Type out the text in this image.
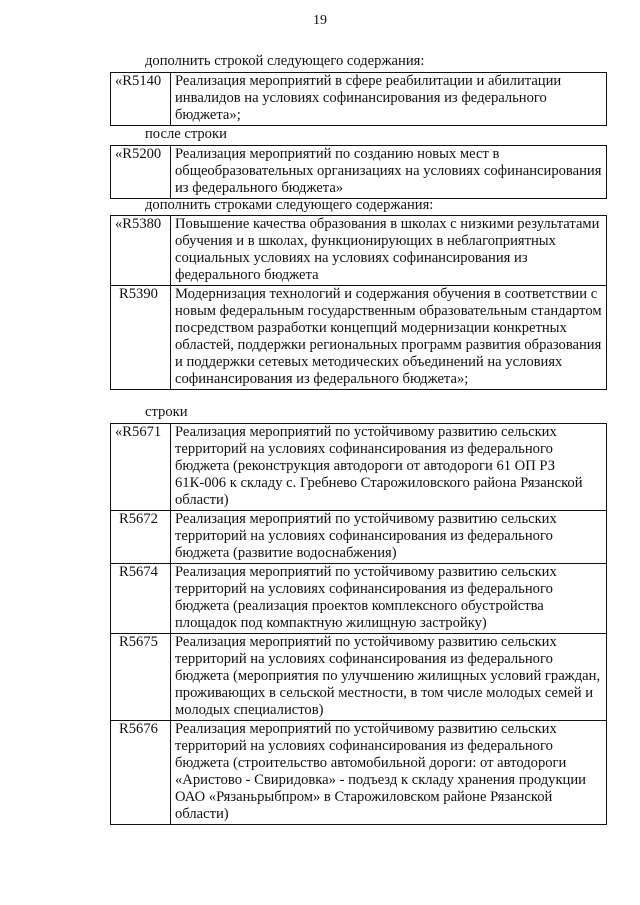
19
дополнить строкой следующего содержания:
«R5140	Реализация мероприятий в сфере реабилитации и абилитации инвалидов на условиях софинансирования из федерального бюджета»;
после строки
«R5200	Реализация мероприятий по созданию новых мест в общеобразовательных организациях на условиях софинансирования из федерального бюджета»
дополнить строками следующего содержания:
«R5380	Повышение качества образования в школах с низкими результатами обучения и в школах, функционирующих в неблагоприятных социальных условиях на условиях софинансирования из федерального бюджета
R5390	Модернизация технологий и содержания обучения в соответствии с новым федеральным государственным образовательным стандартом посредством разработки концепций модернизации конкретных областей, поддержки региональных программ развития образования и поддержки сетевых методических объединений на условиях софинансирования из федерального бюджета»;
строки
«R5671	Реализация мероприятий по устойчивому развитию сельских территорий на условиях софинансирования из федерального бюджета (реконструкция автодороги от автодороги 61 ОП РЗ 61К-006 к складу с. Гребнево Старожиловского района Рязанской области)
R5672	Реализация мероприятий по устойчивому развитию сельских территорий на условиях софинансирования из федерального бюджета (развитие водоснабжения)
R5674	Реализация мероприятий по устойчивому развитию сельских территорий на условиях софинансирования из федерального бюджета (реализация проектов комплексного обустройства площадок под компактную жилищную застройку)
R5675	Реализация мероприятий по устойчивому развитию сельских территорий на условиях софинансирования из федерального бюджета (мероприятия по улучшению жилищных условий граждан, проживающих в сельской местности, в том числе молодых семей и молодых специалистов)
R5676	Реализация мероприятий по устойчивому развитию сельских территорий на условиях софинансирования из федерального бюджета (строительство автомобильной дороги: от автодороги «Аристово - Свиридовка» - подъезд к складу хранения продукции ОАО «Рязаньрыбпром» в Старожиловском районе Рязанской области)
